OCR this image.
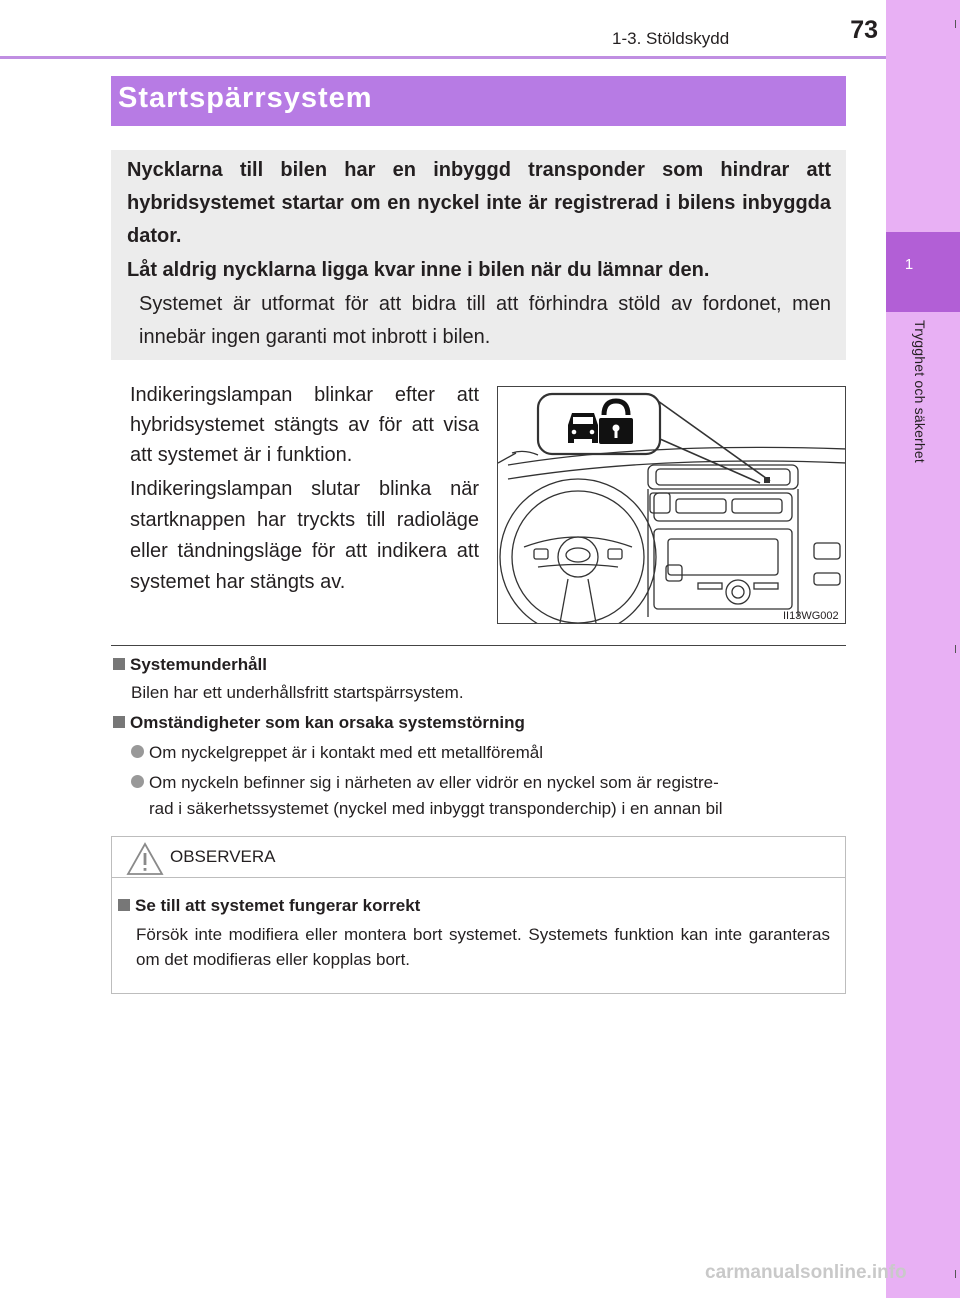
1
Trygghet och säkerhet
1-3. Stöldskydd	73
Startspärrsystem
Nycklarna till bilen har en inbyggd transponder som hindrar att hybridsystemet startar om en nyckel inte är registrerad i bilens inbyggda dator.
Låt aldrig nycklarna ligga kvar inne i bilen när du lämnar den.
Systemet är utformat för att bidra till att förhindra stöld av fordonet, men innebär ingen garanti mot inbrott i bilen.
Indikeringslampan blinkar efter att hybridsystemet stängts av för att visa att systemet är i funktion.
Indikeringslampan slutar blinka när startknappen har tryckts till radioläge eller tändningsläge för att indikera att systemet har stängts av.
II13WG002
Systemunderhåll
Bilen har ett underhållsfritt startspärrsystem.
Omständigheter som kan orsaka systemstörning
Om nyckelgreppet är i kontakt med ett metallföremål
Om nyckeln befinner sig i närheten av eller vidrör en nyckel som är registre-
rad i säkerhetssystemet (nyckel med inbyggt transponderchip) i en annan bil
OBSERVERA
Se till att systemet fungerar korrekt
Försök inte modifiera eller montera bort systemet. Systemets funktion kan inte garanteras om det modifieras eller kopplas bort.
carmanualsonline.info
